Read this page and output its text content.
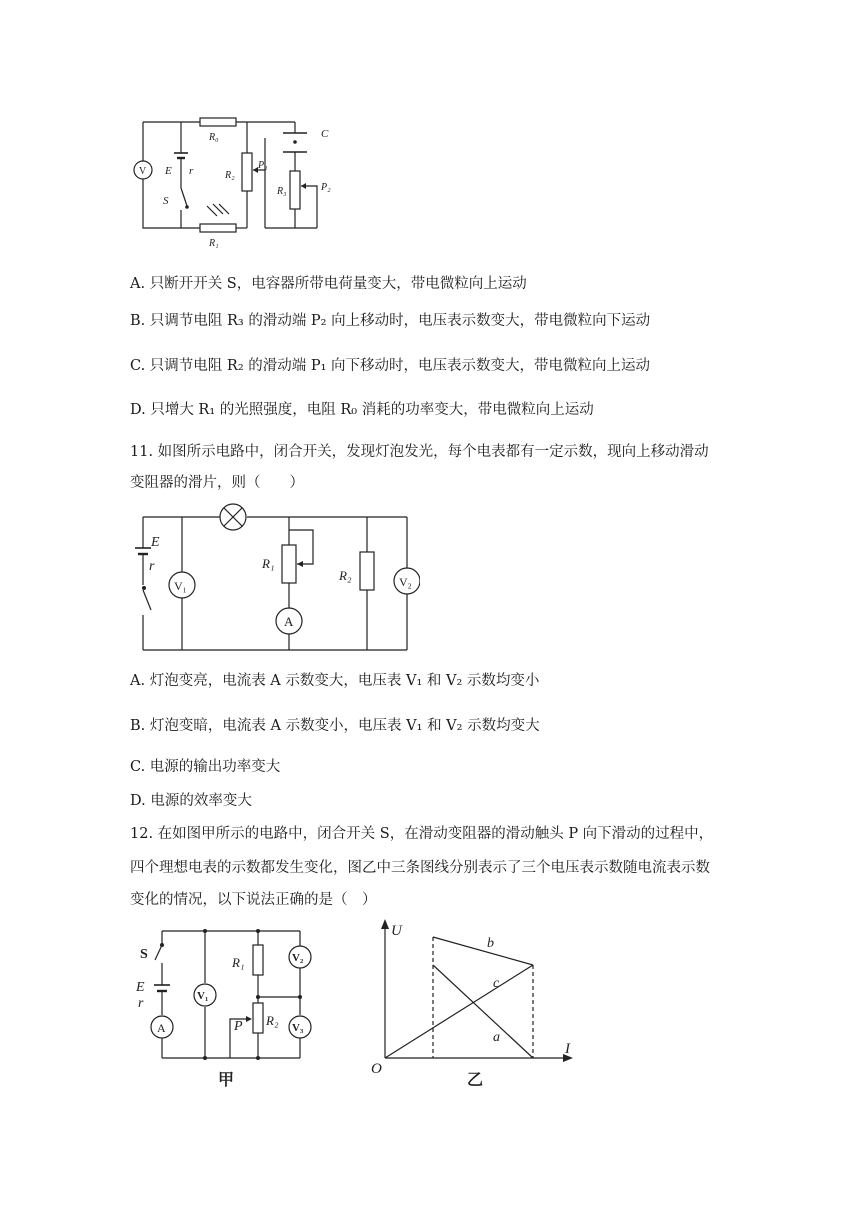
V
R₀	C
E r	R₂
P₁
S
R₃	P₂
R₁
A. 只断开开关 S，电容器所带电荷量变大，带电微粒向上运动
B. 只调节电阻 R₃ 的滑动端 P₂ 向上移动时，电压表示数变大，带电微粒向下运动
C. 只调节电阻 R₂ 的滑动端 P₁ 向下移动时，电压表示数变大，带电微粒向上运动
D. 只增大 R₁ 的光照强度，电阻 R₀ 消耗的功率变大，带电微粒向上运动
11. 如图所示电路中，闭合开关，发现灯泡发光，每个电表都有一定示数，现向上移动滑动
变阻器的滑片，则（　　）
E
r
V₁
R₁
A
R₂	V₂
A. 灯泡变亮，电流表 A 示数变大，电压表 V₁ 和 V₂ 示数均变小
B. 灯泡变暗，电流表 A 示数变小，电压表 V₁ 和 V₂ 示数均变大
C. 电源的输出功率变大
D. 电源的效率变大
12. 在如图甲所示的电路中，闭合开关 S，在滑动变阻器的滑动触头 P 向下滑动的过程中，
四个理想电表的示数都发生变化，图乙中三条图线分别表示了三个电压表示数随电流表示数
变化的情况，以下说法正确的是（　）
S
E
r
A
V₁
R₁
P R₂
V₂
V₃
甲
U
I
O
b
c
a
乙
